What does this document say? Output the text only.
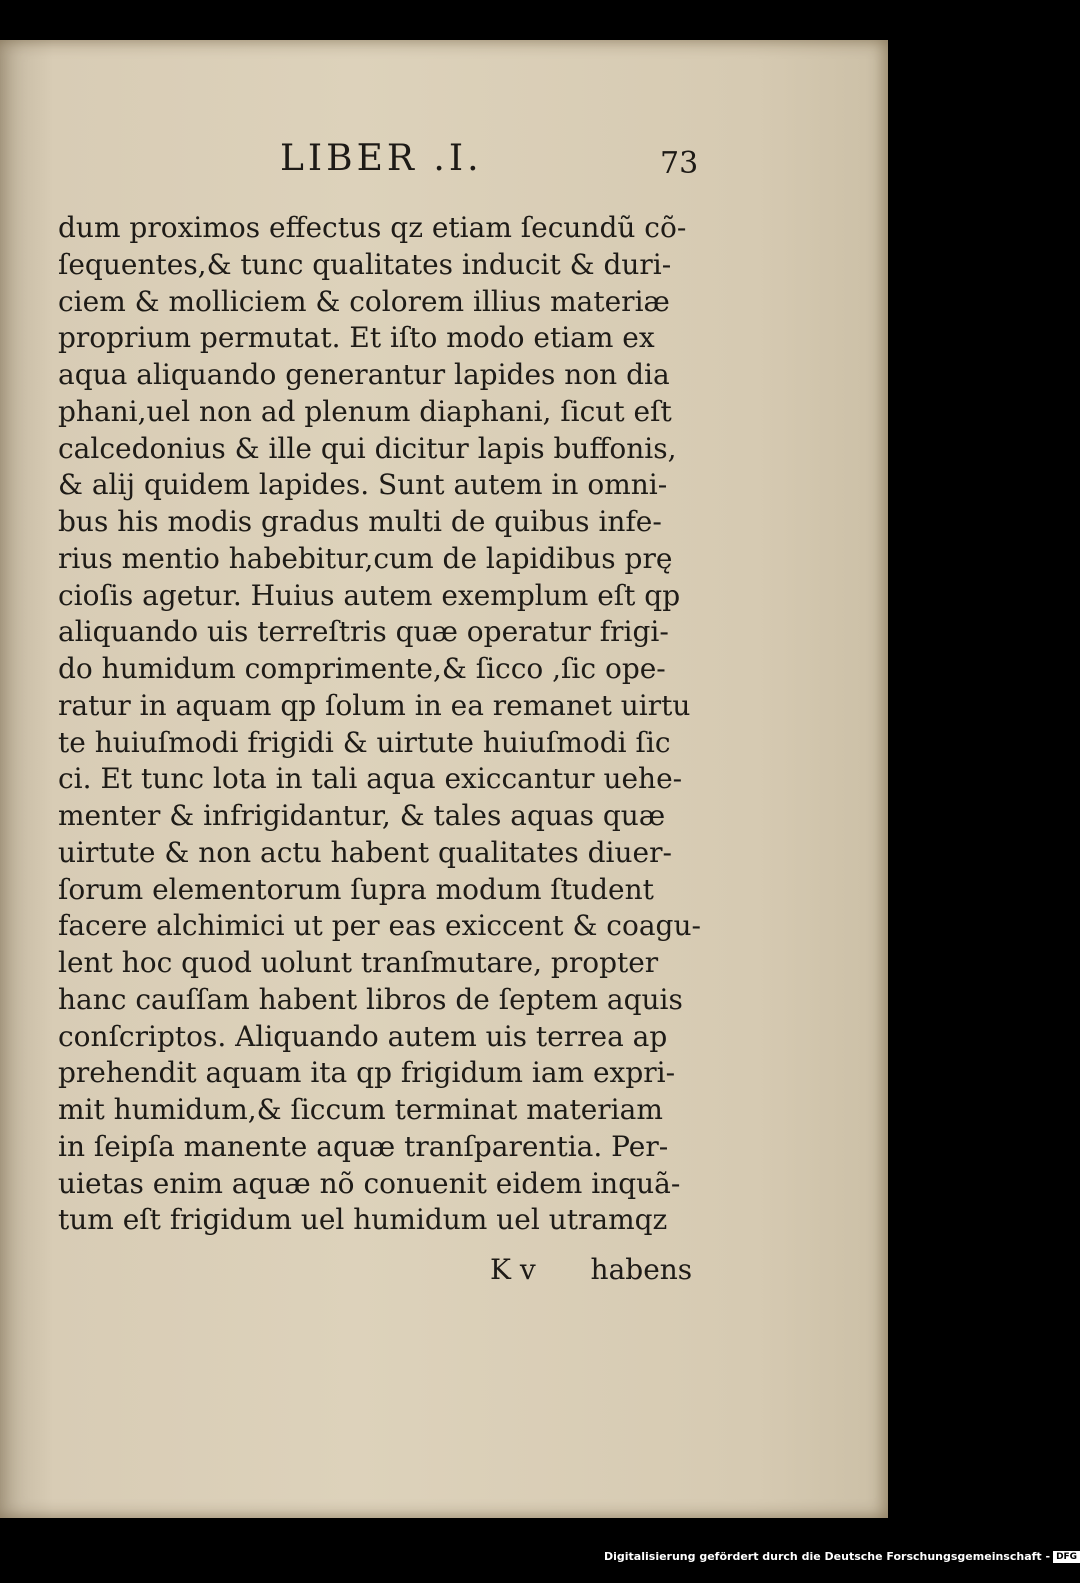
LIBER .I.	73
dum proximos effectus qz etiam ſecundũ cõ-
ſequentes,& tunc qualitates inducit & duri-
ciem & molliciem & colorem illius materiæ
proprium permutat. Et iſto modo etiam ex
aqua aliquando generantur lapides non dia
phani,uel non ad plenum diaphani, ſicut eſt
calcedonius & ille qui dicitur lapis buffonis,
& alij quidem lapides. Sunt autem in omni-
bus his modis gradus multi de quibus infe-
rius mentio habebitur,cum de lapidibus prę
cioſis agetur. Huius autem exemplum eſt qp
aliquando uis terreſtris quæ operatur frigi-
do humidum comprimente,& ſicco ,ſic ope-
ratur in aquam qp ſolum in ea remanet uirtu
te huiuſmodi frigidi & uirtute huiuſmodi ſic
ci. Et tunc lota in tali aqua exiccantur uehe-
menter & infrigidantur, & tales aquas quæ
uirtute & non actu habent qualitates diuer-
ſorum elementorum ſupra modum ſtudent
facere alchimici ut per eas exiccent & coagu-
lent hoc quod uolunt tranſmutare, propter
hanc cauſſam habent libros de ſeptem aquis
conſcriptos. Aliquando autem uis terrea ap
prehendit aquam ita qp frigidum iam expri-
mit humidum,& ſiccum terminat materiam
in ſeipſa manente aquæ tranſparentia. Per-
uietas enim aquæ nõ conuenit eidem inquã-
tum eſt frigidum uel humidum uel utramqz
K v habens
Digitalisierung gefördert durch die Deutsche Forschungsgemeinschaft - DFG
